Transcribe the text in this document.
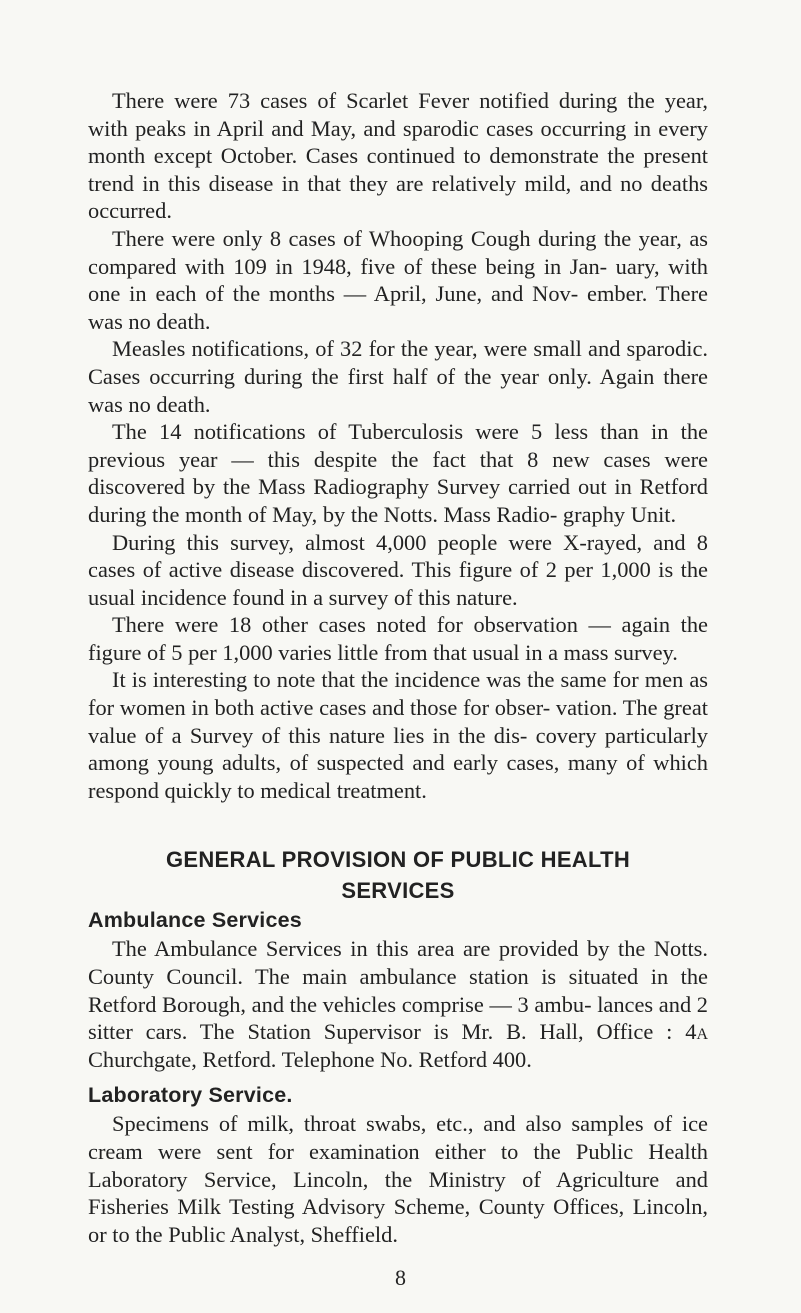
There were 73 cases of Scarlet Fever notified during the year, with peaks in April and May, and sparodic cases occurring in every month except October. Cases continued to demonstrate the present trend in this disease in that they are relatively mild, and no deaths occurred.

There were only 8 cases of Whooping Cough during the year, as compared with 109 in 1948, five of these being in Jan- uary, with one in each of the months — April, June, and Nov- ember. There was no death.

Measles notifications, of 32 for the year, were small and sparodic. Cases occurring during the first half of the year only. Again there was no death.

The 14 notifications of Tuberculosis were 5 less than in the previous year — this despite the fact that 8 new cases were discovered by the Mass Radiography Survey carried out in Retford during the month of May, by the Notts. Mass Radio- graphy Unit.

During this survey, almost 4,000 people were X-rayed, and 8 cases of active disease discovered. This figure of 2 per 1,000 is the usual incidence found in a survey of this nature.

There were 18 other cases noted for observation — again the figure of 5 per 1,000 varies little from that usual in a mass survey.

It is interesting to note that the incidence was the same for men as for women in both active cases and those for obser- vation. The great value of a Survey of this nature lies in the dis- covery particularly among young adults, of suspected and early cases, many of which respond quickly to medical treatment.

GENERAL PROVISION OF PUBLIC HEALTH
SERVICES
Ambulance Services

The Ambulance Services in this area are provided by the Notts. County Council. The main ambulance station is situated in the Retford Borough, and the vehicles comprise — 3 ambu- lances and 2 sitter cars. The Station Supervisor is Mr. B. Hall, Office : 4a Churchgate, Retford. Telephone No. Retford 400.

Laboratory Service.

Specimens of milk, throat swabs, etc., and also samples of ice cream were sent for examination either to the Public Health Laboratory Service, Lincoln, the Ministry of Agriculture and Fisheries Milk Testing Advisory Scheme, County Offices, Lincoln, or to the Public Analyst, Sheffield.

8
